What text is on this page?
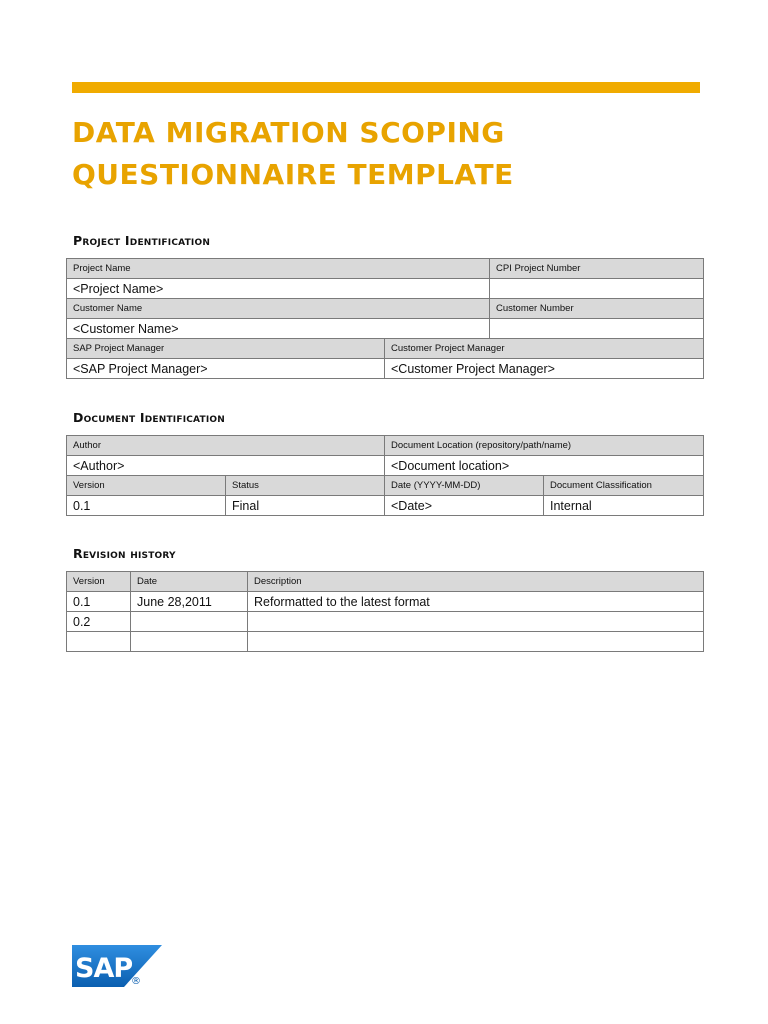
DATA MIGRATION SCOPING
QUESTIONNAIRE TEMPLATE
Project Identification
Project Name		CPI Project Number
<Project Name>		
Customer Name		Customer Number
<Customer Name>		
SAP Project Manager	Customer Project Manager	
<SAP Project Manager>	<Customer Project Manager>	
Document Identification
Author		Document Location (repository/path/name)	
<Author>		<Document location>	
Version	Status	Date (YYYY-MM-DD)	Document Classification
0.1	Final	<Date>	Internal
Revision history
Version	Date	Description
0.1	June 28,2011	Reformatted to the latest format
0.2		

SAP
®
